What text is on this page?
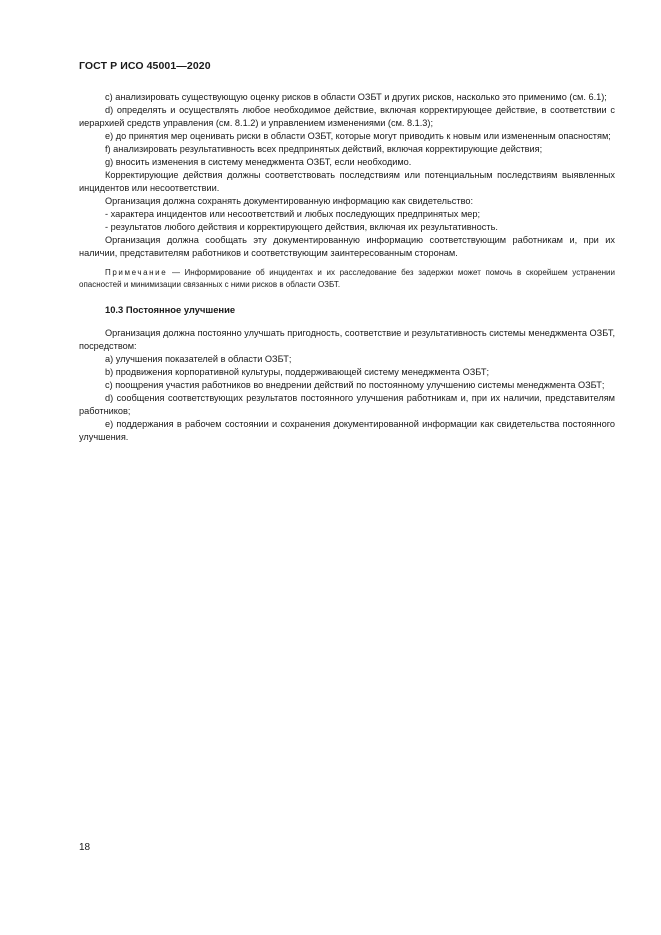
ГОСТ Р ИСО 45001—2020

c) анализировать существующую оценку рисков в области ОЗБТ и других рисков, насколько это применимо (см. 6.1);

d) определять и осуществлять любое необходимое действие, включая корректирующее действие, в соответствии с иерархией средств управления (см. 8.1.2) и управлением изменениями (см. 8.1.3);

e) до принятия мер оценивать риски в области ОЗБТ, которые могут приводить к новым или измененным опасностям;

f) анализировать результативность всех предпринятых действий, включая корректирующие действия;

g) вносить изменения в систему менеджмента ОЗБТ, если необходимо.

Корректирующие действия должны соответствовать последствиям или потенциальным последствиям выявленных инцидентов или несоответствии.

Организация должна сохранять документированную информацию как свидетельство:

- характера инцидентов или несоответствий и любых последующих предпринятых мер;

- результатов любого действия и корректирующего действия, включая их результативность.

Организация должна сообщать эту документированную информацию соответствующим работникам и, при их наличии, представителям работников и соответствующим заинтересованным сторонам.

Примечание — Информирование об инцидентах и их расследование без задержки может помочь в скорейшем устранении опасностей и минимизации связанных с ними рисков в области ОЗБТ.

10.3 Постоянное улучшение

Организация должна постоянно улучшать пригодность, соответствие и результативность системы менеджмента ОЗБТ, посредством:

a) улучшения показателей в области ОЗБТ;

b) продвижения корпоративной культуры, поддерживающей систему менеджмента ОЗБТ;

c) поощрения участия работников во внедрении действий по постоянному улучшению системы менеджмента ОЗБТ;

d) сообщения соответствующих результатов постоянного улучшения работникам и, при их наличии, представителям работников;

e) поддержания в рабочем состоянии и сохранения документированной информации как свидетельства постоянного улучшения.

18
